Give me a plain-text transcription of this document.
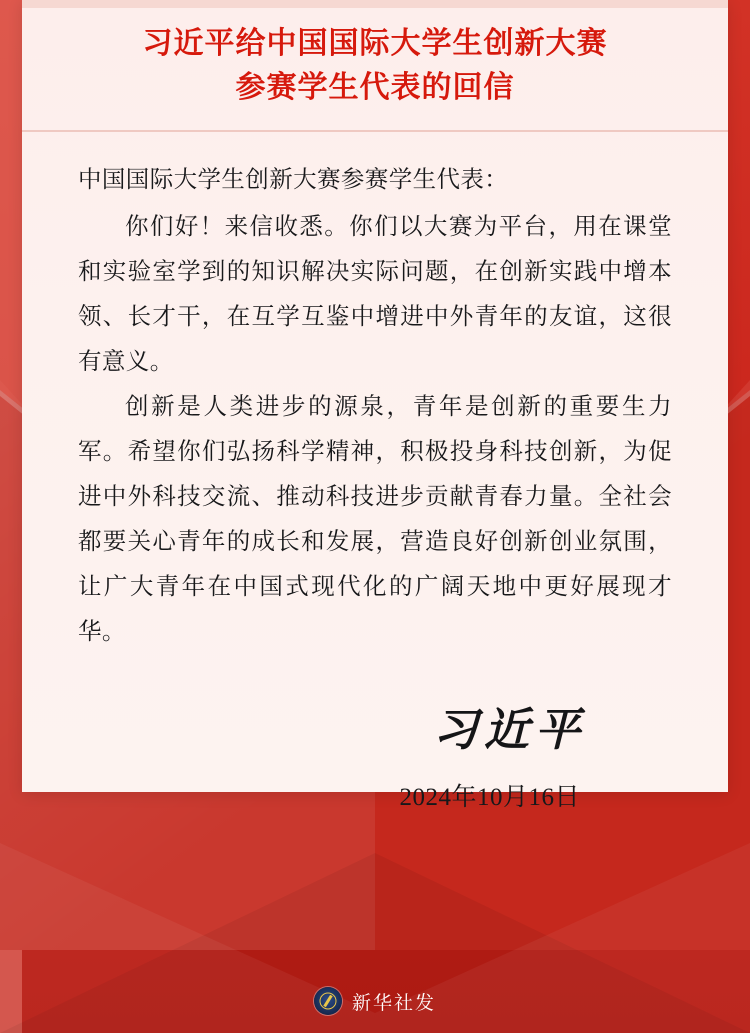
习近平给中国国际大学生创新大赛
参赛学生代表的回信

中国国际大学生创新大赛参赛学生代表：

你们好！来信收悉。你们以大赛为平台，用在课堂和实验室学到的知识解决实际问题，在创新实践中增本领、长才干，在互学互鉴中增进中外青年的友谊，这很有意义。

创新是人类进步的源泉，青年是创新的重要生力军。希望你们弘扬科学精神，积极投身科技创新，为促进中外科技交流、推动科技进步贡献青春力量。全社会都要关心青年的成长和发展，营造良好创新创业氛围，让广大青年在中国式现代化的广阔天地中更好展现才华。

习近平
2024年10月16日
新华社发
